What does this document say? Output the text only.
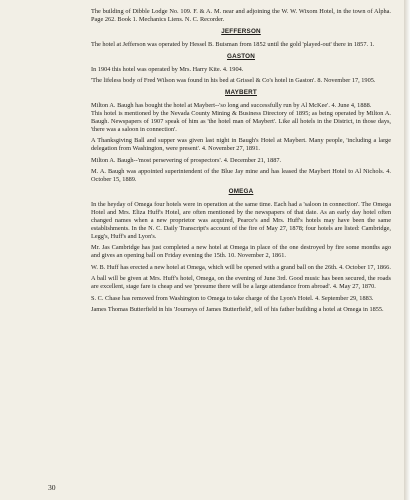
The building of Dibble Lodge No. 109. F. & A. M. near and adjoining the W. W. Wixom Hotel, in the town of Alpha. Page 262. Book 1. Mechanics Liens. N. C. Recorder.

JEFFERSON

The hotel at Jefferson was operated by Hessel B. Buisman from 1852 until the gold 'played-out' there in 1857. 1.

GASTON

In 1904 this hotel was operated by Mrs. Harry Kite. 4. 1904.

'The lifeless body of Fred Wilson was found in his bed at Grissel & Co's hotel in Gaston'. 8. November 17, 1905.

MAYBERT

Milton A. Baugh has bought the hotel at Maybert--'so long and successfully run by Al McKee'. 4. June 4, 1888.
This hotel is mentioned by the Nevada County Mining & Business Directory of 1895; as being operated by Milton A. Baugh. Newspapers of 1907 speak of him as 'the hotel man of Maybert'. Like all hotels in the District, in those days, 'there was a saloon in connection'.

A Thanksgiving Ball and supper was given last night in Baugh's Hotel at Maybert. Many people, 'including a large delegation from Washington, were present'. 4. November 27, 1891.

Milton A. Baugh--'most persevering of prospectors'. 4. December 21, 1887.

M. A. Baugh was appointed superintendent of the Blue Jay mine and has leased the Maybert Hotel to Al Nichols. 4. October 15, 1889.

OMEGA

In the heyday of Omega four hotels were in operation at the same time. Each had a 'saloon in connection'. The Omega Hotel and Mrs. Eliza Huff's Hotel, are often mentioned by the newspapers of that date. As an early day hotel often changed names when a new proprietor was acquired, Pearce's and Mrs. Huff's hotels may have been the same establishments. In the N. C. Daily Transcript's account of the fire of May 27, 1878; four hotels are listed: Cambridge, Legg's, Huff's and Lyon's.

Mr. Jas Cambridge has just completed a new hotel at Omega in place of the one destroyed by fire some months ago and gives an opening ball on Friday evening the 15th. 10. November 2, 1861.

W. B. Huff has erected a new hotel at Omega, which will be opened with a grand ball on the 26th. 4. October 17, 1866.

A ball will be given at Mrs. Huff's hotel, Omega, on the evening of June 3rd. Good music has been secured, the roads are excellent, stage fare is cheap and we 'presume there will be a large attendance from abroad'. 4. May 27, 1870.

S. C. Chase has removed from Washington to Omega to take charge of the Lyon's Hotel. 4. September 29, 1883.

James Thomas Butterfield in his 'Journeys of James Butterfield', tell of his father building a hotel at Omega in 1855.

30
